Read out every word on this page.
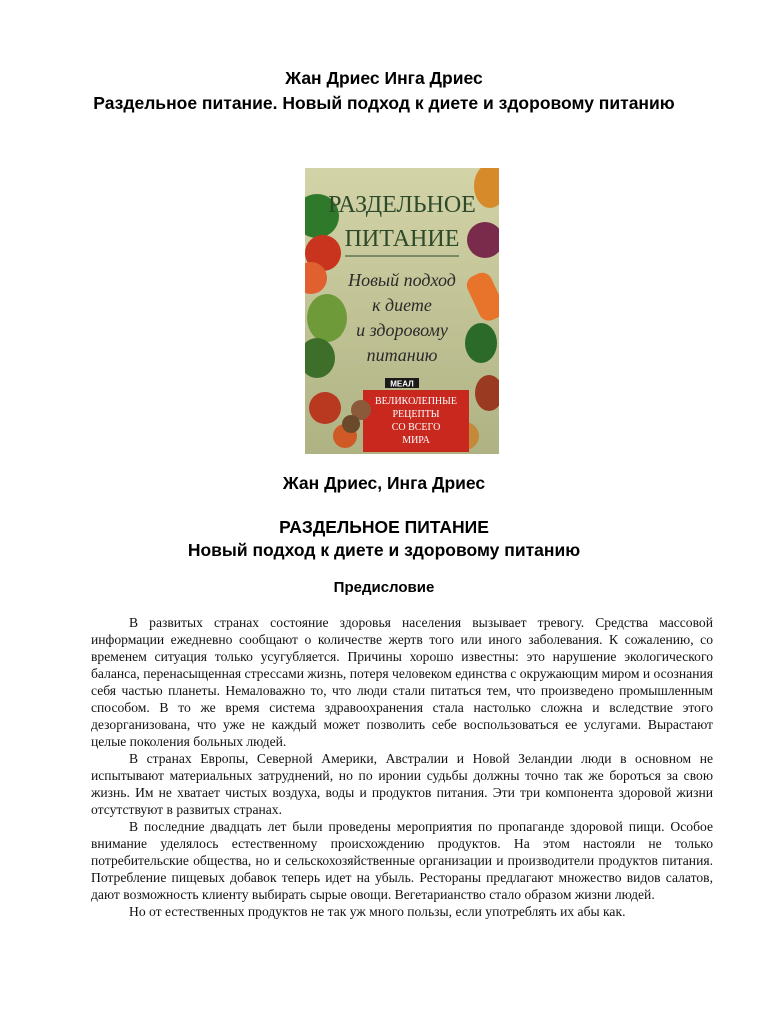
Жан Дриес Инга Дриес

Раздельное питание. Новый подход к диете и здоровому питанию

РАЗДЕЛЬНОЕ
ПИТАНИЕ
Новый подход
к диете
и здоровому
питанию
МЕАЛ
ВЕЛИКОЛЕПНЫЕ
РЕЦЕПТЫ
СО ВСЕГО
МИРА

Жан Дриес, Инга Дриес

РАЗДЕЛЬНОЕ ПИТАНИЕ

Новый подход к диете и здоровому питанию

Предисловие

В развитых странах состояние здоровья населения вызывает тревогу. Средства массовой информации ежедневно сообщают о количестве жертв того или иного заболевания. К сожалению, со временем ситуация только усугубляется. Причины хорошо известны: это нарушение экологического баланса, перенасыщенная стрессами жизнь, потеря человеком единства с окружающим миром и осознания себя частью планеты. Немаловажно то, что люди стали питаться тем, что произведено промышленным способом. В то же время система здравоохранения стала настолько сложна и вследствие этого дезорганизована, что уже не каждый может позволить себе воспользоваться ее услугами. Вырастают целые поколения больных людей.

В странах Европы, Северной Америки, Австралии и Новой Зеландии люди в основном не испытывают материальных затруднений, но по иронии судьбы должны точно так же бороться за свою жизнь. Им не хватает чистых воздуха, воды и продуктов питания. Эти три компонента здоровой жизни отсутствуют в развитых странах.

В последние двадцать лет были проведены мероприятия по пропаганде здоровой пищи. Особое внимание уделялось естественному происхождению продуктов. На этом настояли не только потребительские общества, но и сельскохозяйственные организации и производители продуктов питания. Потребление пищевых добавок теперь идет на убыль. Рестораны предлагают множество видов салатов, дают возможность клиенту выбирать сырые овощи. Вегетарианство стало образом жизни людей.

Но от естественных продуктов не так уж много пользы, если употреблять их абы как.
